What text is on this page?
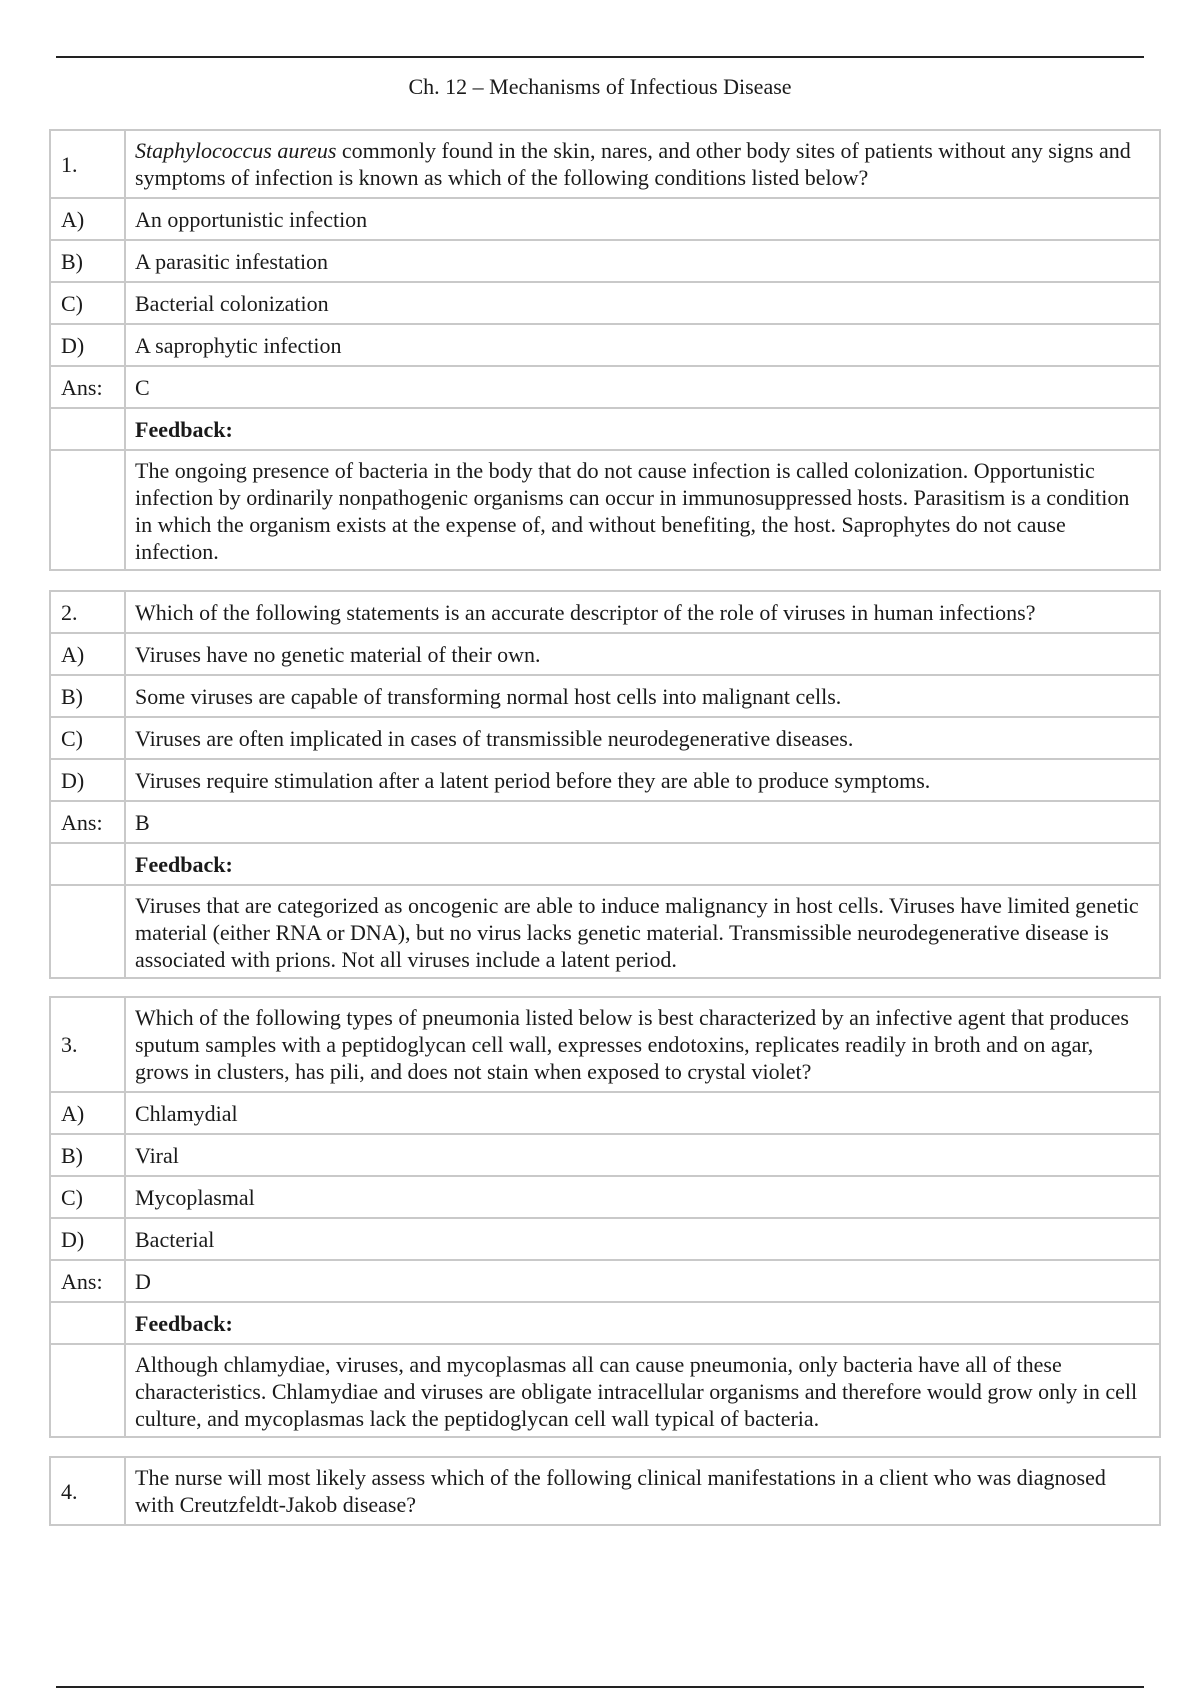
Ch. 12 – Mechanisms of Infectious Disease
1.	Staphylococcus aureus commonly found in the skin, nares, and other body sites of patients without any signs and symptoms of infection is known as which of the following conditions listed below?
A)	An opportunistic infection
B)	A parasitic infestation
C)	Bacterial colonization
D)	A saprophytic infection
Ans:	C
	Feedback:
	The ongoing presence of bacteria in the body that do not cause infection is called colonization. Opportunistic infection by ordinarily nonpathogenic organisms can occur in immunosuppressed hosts. Parasitism is a condition in which the organism exists at the expense of, and without benefiting, the host. Saprophytes do not cause infection.
2.	Which of the following statements is an accurate descriptor of the role of viruses in human infections?
A)	Viruses have no genetic material of their own.
B)	Some viruses are capable of transforming normal host cells into malignant cells.
C)	Viruses are often implicated in cases of transmissible neurodegenerative diseases.
D)	Viruses require stimulation after a latent period before they are able to produce symptoms.
Ans:	B
	Feedback:
	Viruses that are categorized as oncogenic are able to induce malignancy in host cells. Viruses have limited genetic material (either RNA or DNA), but no virus lacks genetic material. Transmissible neurodegenerative disease is associated with prions. Not all viruses include a latent period.
3.	Which of the following types of pneumonia listed below is best characterized by an infective agent that produces sputum samples with a peptidoglycan cell wall, expresses endotoxins, replicates readily in broth and on agar, grows in clusters, has pili, and does not stain when exposed to crystal violet?
A)	Chlamydial
B)	Viral
C)	Mycoplasmal
D)	Bacterial
Ans:	D
	Feedback:
	Although chlamydiae, viruses, and mycoplasmas all can cause pneumonia, only bacteria have all of these characteristics. Chlamydiae and viruses are obligate intracellular organisms and therefore would grow only in cell culture, and mycoplasmas lack the peptidoglycan cell wall typical of bacteria.
4.	The nurse will most likely assess which of the following clinical manifestations in a client who was diagnosed with Creutzfeldt-Jakob disease?
